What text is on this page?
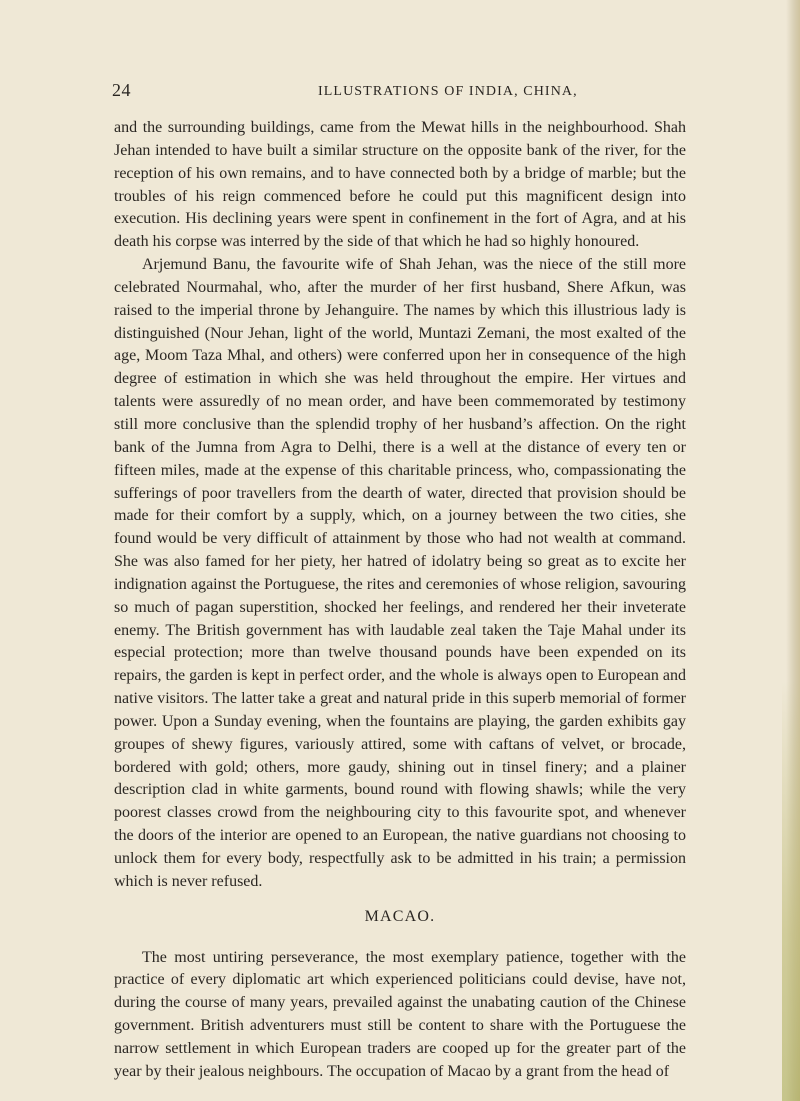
24	ILLUSTRATIONS OF INDIA, CHINA,

and the surrounding buildings, came from the Mewat hills in the neighbourhood. Shah Jehan intended to have built a similar structure on the opposite bank of the river, for the reception of his own remains, and to have connected both by a bridge of marble; but the troubles of his reign commenced before he could put this magnificent design into execution. His declining years were spent in confinement in the fort of Agra, and at his death his corpse was interred by the side of that which he had so highly honoured.

Arjemund Banu, the favourite wife of Shah Jehan, was the niece of the still more celebrated Nourmahal, who, after the murder of her first husband, Shere Afkun, was raised to the imperial throne by Jehanguire. The names by which this illustrious lady is distinguished (Nour Jehan, light of the world, Muntazi Zemani, the most exalted of the age, Moom Taza Mhal, and others) were conferred upon her in consequence of the high degree of estimation in which she was held throughout the empire. Her virtues and talents were assuredly of no mean order, and have been commemorated by testimony still more conclusive than the splendid trophy of her husband’s affection. On the right bank of the Jumna from Agra to Delhi, there is a well at the distance of every ten or fifteen miles, made at the expense of this charitable princess, who, compassionating the sufferings of poor travellers from the dearth of water, directed that provision should be made for their comfort by a supply, which, on a journey between the two cities, she found would be very difficult of attainment by those who had not wealth at command. She was also famed for her piety, her hatred of idolatry being so great as to excite her indignation against the Portuguese, the rites and ceremonies of whose religion, savouring so much of pagan superstition, shocked her feelings, and rendered her their inveterate enemy. The British government has with laudable zeal taken the Taje Mahal under its especial protection; more than twelve thousand pounds have been expended on its repairs, the garden is kept in perfect order, and the whole is always open to European and native visitors. The latter take a great and natural pride in this superb memorial of former power. Upon a Sunday evening, when the fountains are playing, the garden exhibits gay groupes of shewy figures, variously attired, some with caftans of velvet, or brocade, bordered with gold; others, more gaudy, shining out in tinsel finery; and a plainer description clad in white garments, bound round with flowing shawls; while the very poorest classes crowd from the neighbouring city to this favourite spot, and whenever the doors of the interior are opened to an European, the native guardians not choosing to unlock them for every body, respectfully ask to be admitted in his train; a permission which is never refused.

MACAO.

The most untiring perseverance, the most exemplary patience, together with the practice of every diplomatic art which experienced politicians could devise, have not, during the course of many years, prevailed against the unabating caution of the Chinese government. British adventurers must still be content to share with the Portuguese the narrow settlement in which European traders are cooped up for the greater part of the year by their jealous neighbours. The occupation of Macao by a grant from the head of
